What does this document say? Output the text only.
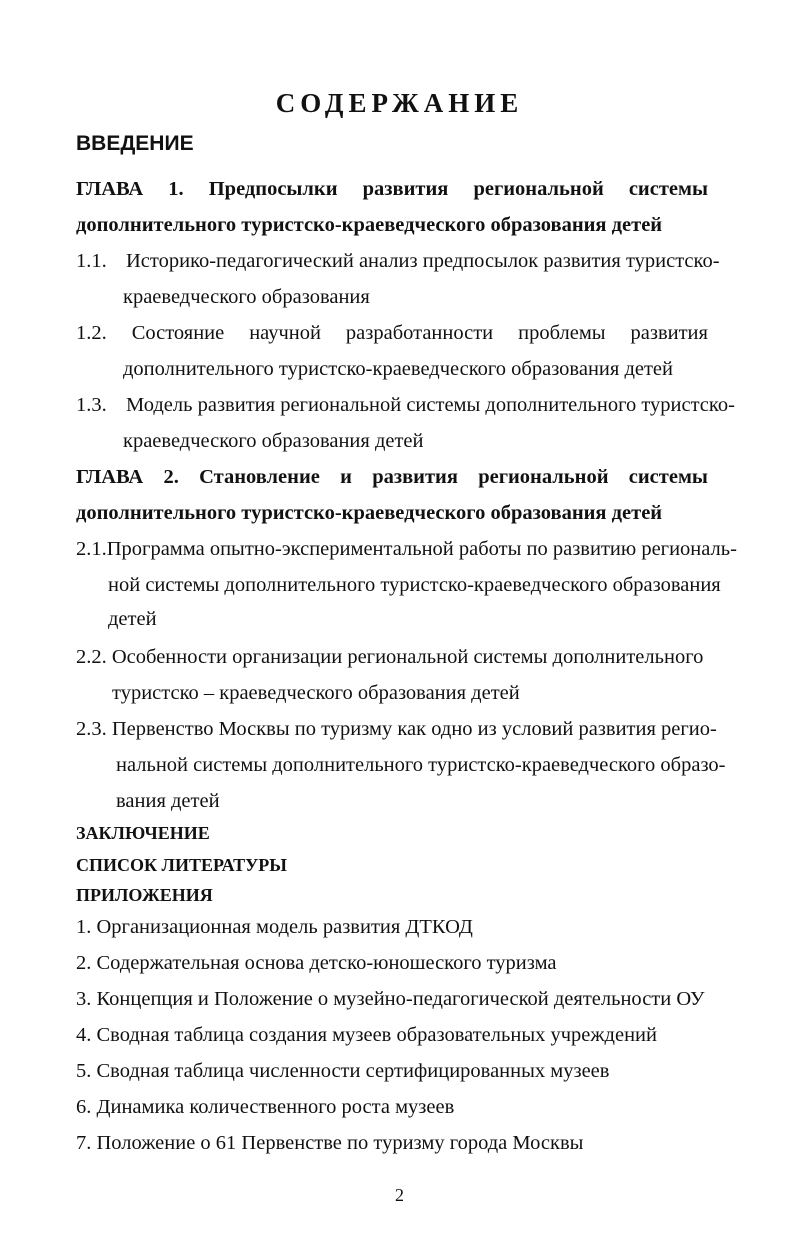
СОДЕРЖАНИЕ
ВВЕДЕНИЕ
ГЛАВА 1. Предпосылки развития региональной системы
дополнительного туристско-краеведческого образования детей
1.1. Историко-педагогический анализ предпосылок развития туристско-
краеведческого образования
1.2. Состояние научной разработанности проблемы развития
дополнительного туристско-краеведческого образования детей
1.3. Модель развития региональной системы дополнительного туристско-
краеведческого образования детей
ГЛАВА 2. Становление и развития региональной системы
дополнительного туристско-краеведческого образования детей
2.1.Программа опытно-экспериментальной работы по развитию региональ-
ной системы дополнительного туристско-краеведческого образования
детей
2.2. Особенности организации региональной системы дополнительного
туристско – краеведческого образования детей
2.3. Первенство Москвы по туризму как одно из условий развития регио-
нальной системы дополнительного туристско-краеведческого образо-
вания детей
ЗАКЛЮЧЕНИЕ
СПИСОК ЛИТЕРАТУРЫ
ПРИЛОЖЕНИЯ
1. Организационная модель развития ДТКОД
2. Содержательная основа детско-юношеского туризма
3. Концепция и Положение о музейно-педагогической деятельности ОУ
4. Сводная таблица создания музеев образовательных учреждений
5. Сводная таблица численности сертифицированных музеев
6. Динамика количественного роста музеев
7. Положение о 61 Первенстве по туризму города Москвы
2
